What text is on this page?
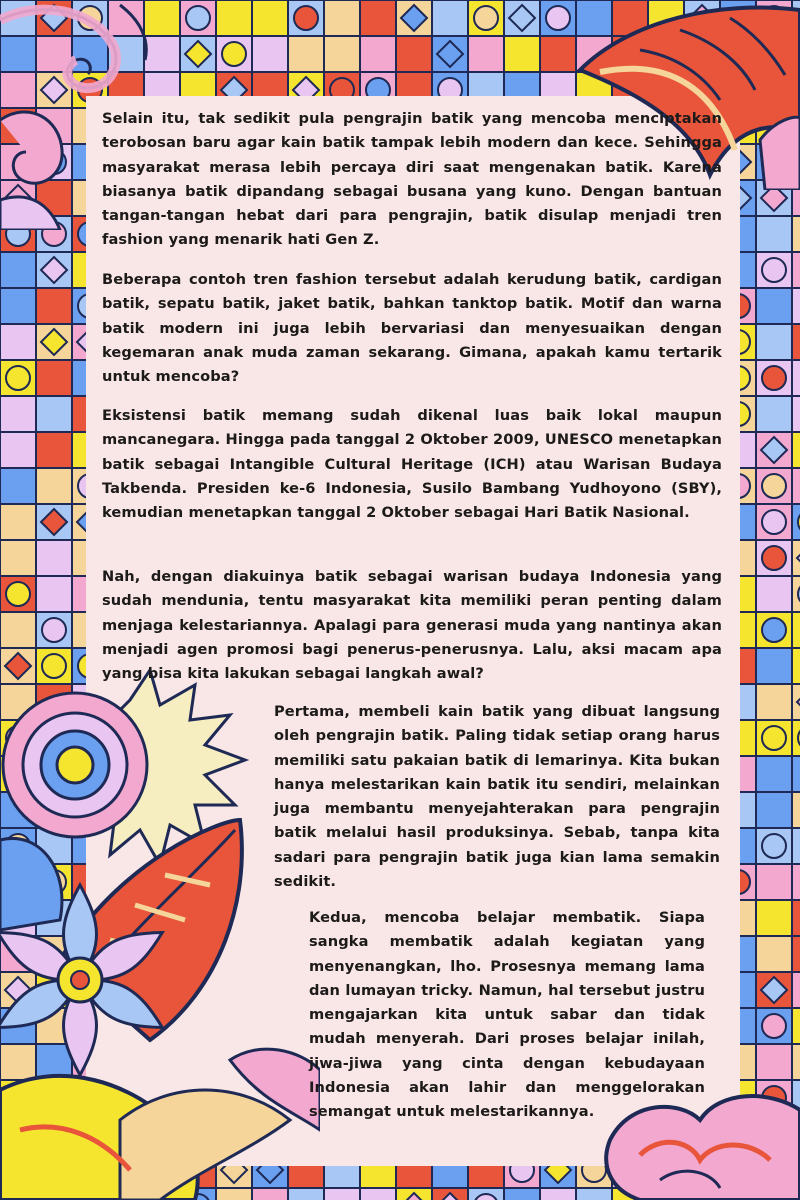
Selain itu, tak sedikit pula pengrajin batik yang mencoba menciptakan terobosan baru agar kain batik tampak lebih modern dan kece. Sehingga masyarakat merasa lebih percaya diri saat mengenakan batik. Karena biasanya batik dipandang sebagai busana yang kuno. Dengan bantuan tangan-tangan hebat dari para pengrajin, batik disulap menjadi tren fashion yang menarik hati Gen Z.

Beberapa contoh tren fashion tersebut adalah kerudung batik, cardigan batik, sepatu batik, jaket batik, bahkan tanktop batik. Motif dan warna batik modern ini juga lebih bervariasi dan menyesuaikan dengan kegemaran anak muda zaman sekarang. Gimana, apakah kamu tertarik untuk mencoba?

Eksistensi batik memang sudah dikenal luas baik lokal maupun mancanegara. Hingga pada tanggal 2 Oktober 2009, UNESCO menetapkan batik sebagai Intangible Cultural Heritage (ICH) atau Warisan Budaya Takbenda. Presiden ke-6 Indonesia, Susilo Bambang Yudhoyono (SBY), kemudian menetapkan tanggal 2 Oktober sebagai Hari Batik Nasional.

Nah, dengan diakuinya batik sebagai warisan budaya Indonesia yang sudah mendunia, tentu masyarakat kita memiliki peran penting dalam menjaga kelestariannya. Apalagi para generasi muda yang nantinya akan menjadi agen promosi bagi penerus-penerusnya. Lalu, aksi macam apa yang bisa kita lakukan sebagai langkah awal?

Pertama, membeli kain batik yang dibuat langsung oleh pengrajin batik. Paling tidak setiap orang harus memiliki satu pakaian batik di lemarinya. Kita bukan hanya melestarikan kain batik itu sendiri, melainkan juga membantu menyejahterakan para pengrajin batik melalui hasil produksinya. Sebab, tanpa kita sadari para pengrajin batik juga kian lama semakin sedikit.

Kedua, mencoba belajar membatik. Siapa sangka membatik adalah kegiatan yang menyenangkan, lho. Prosesnya memang lama dan lumayan tricky. Namun, hal tersebut justru mengajarkan kita untuk sabar dan tidak mudah menyerah. Dari proses belajar inilah, jiwa-jiwa yang cinta dengan kebudayaan Indonesia akan lahir dan menggelorakan semangat untuk melestarikannya.
